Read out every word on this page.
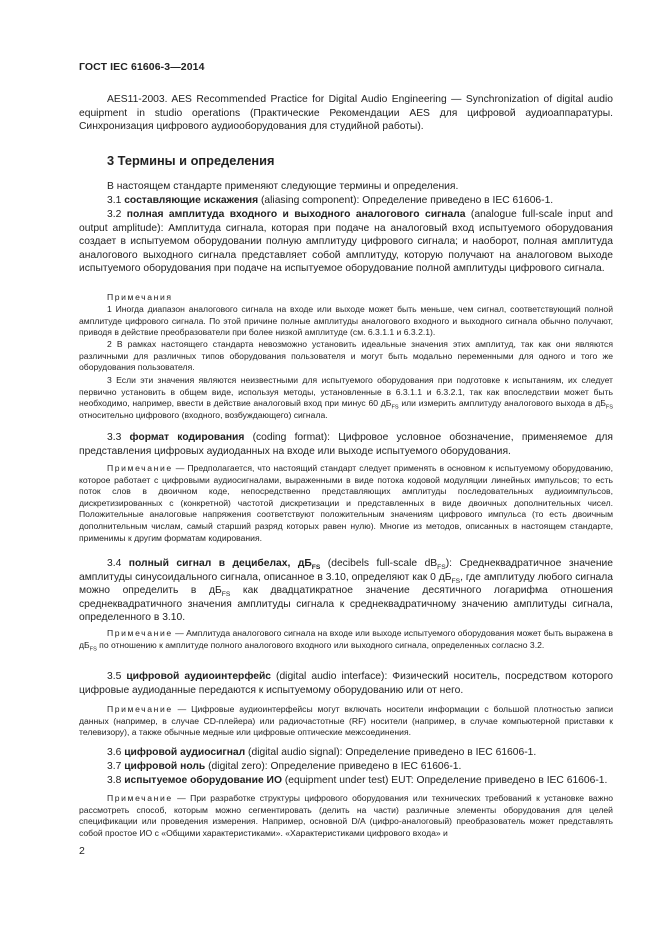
ГОСТ IEC 61606-3—2014
AES11-2003. AES Recommended Practice for Digital Audio Engineering — Synchronization of digital audio equipment in studio operations (Практические Рекомендации AES для цифровой аудиоаппаратуры. Синхронизация цифрового аудиооборудования для студийной работы).
3 Термины и определения
В настоящем стандарте применяют следующие термины и определения.
3.1 составляющие искажения (aliasing component): Определение приведено в IEC 61606-1.
3.2 полная амплитуда входного и выходного аналогового сигнала (analogue full-scale input and output amplitude): Амплитуда сигнала, которая при подаче на аналоговый вход испытуемого оборудования создает в испытуемом оборудовании полную амплитуду цифрового сигнала; и наоборот, полная амплитуда аналогового выходного сигнала представляет собой амплитуду, которую получают на аналоговом выходе испытуемого оборудования при подаче на испытуемое оборудование полной амплитуды цифрового сигнала.
Примечания
1 Иногда диапазон аналогового сигнала на входе или выходе может быть меньше, чем сигнал, соответствующий полной амплитуде цифрового сигнала. По этой причине полные амплитуды аналогового входного и выходного сигнала обычно получают, приводя в действие преобразователи при более низкой амплитуде (см. 6.3.1.1 и 6.3.2.1).
2 В рамках настоящего стандарта невозможно установить идеальные значения этих амплитуд, так как они являются различными для различных типов оборудования пользователя и могут быть модально переменными для одного и того же оборудования пользователя.
3 Если эти значения являются неизвестными для испытуемого оборудования при подготовке к испытаниям, их следует первично установить в общем виде, используя методы, установленные в 6.3.1.1 и 6.3.2.1, так как впоследствии может быть необходимо, например, ввести в действие аналоговый вход при минус 60 $дБ_{FS}$ или измерить амплитуду аналогового выхода в $дБ_{FS}$ относительно цифрового (входного, возбуждающего) сигнала.
3.3 формат кодирования (coding format): Цифровое условное обозначение, применяемое для представления цифровых аудиоданных на входе или выходе испытуемого оборудования.
Примечание — Предполагается, что настоящий стандарт следует применять в основном к испытуемому оборудованию, которое работает с цифровыми аудиосигналами, выраженными в виде потока кодовой модуляции линейных импульсов; то есть поток слов в двоичном коде, непосредственно представляющих амплитуды последовательных аудиоимпульсов, дискретизированных с (конкретной) частотой дискретизации и представленных в виде двоичных дополнительных чисел. Положительные аналоговые напряжения соответствуют положительным значениям цифрового импульса (то есть двоичным дополнительным числам, самый старший разряд которых равен нулю). Многие из методов, описанных в настоящем стандарте, применимы к другим форматам кодирования.
3.4 полный сигнал в децибелах, $дБ_{FS}$ (decibels full-scale $dB_{FS}$): Среднеквадратичное значение амплитуды синусоидального сигнала, описанное в 3.10, определяют как 0 $дБ_{FS}$, где амплитуду любого сигнала можно определить в $дБ_{FS}$ как двадцатикратное значение десятичного логарифма отношения среднеквадратичного значения амплитуды сигнала к среднеквадратичному значению амплитуды сигнала, определенного в 3.10.
Примечание — Амплитуда аналогового сигнала на входе или выходе испытуемого оборудования может быть выражена в $дБ_{FS}$ по отношению к амплитуде полного аналогового входного или выходного сигнала, определенных согласно 3.2.
3.5 цифровой аудиоинтерфейс (digital audio interface): Физический носитель, посредством которого цифровые аудиоданные передаются к испытуемому оборудованию или от него.
Примечание — Цифровые аудиоинтерфейсы могут включать носители информации с большой плотностью записи данных (например, в случае CD-плейера) или радиочастотные (RF) носители (например, в случае компьютерной приставки к телевизору), а также обычные медные или цифровые оптические межсоединения.
3.6 цифровой аудиосигнал (digital audio signal): Определение приведено в IEC 61606-1.
3.7 цифровой ноль (digital zero): Определение приведено в IEC 61606-1.
3.8 испытуемое оборудование ИО (equipment under test) EUT: Определение приведено в IEC 61606-1.
Примечание — При разработке структуры цифрового оборудования или технических требований к установке важно рассмотреть способ, которым можно сегментировать (делить на части) различные элементы оборудования для целей спецификации или проведения измерения. Например, основной D/A (цифро-аналоговый) преобразователь может представлять собой простое ИО с «Общими характеристиками». «Характеристиками цифрового входа» и
2
